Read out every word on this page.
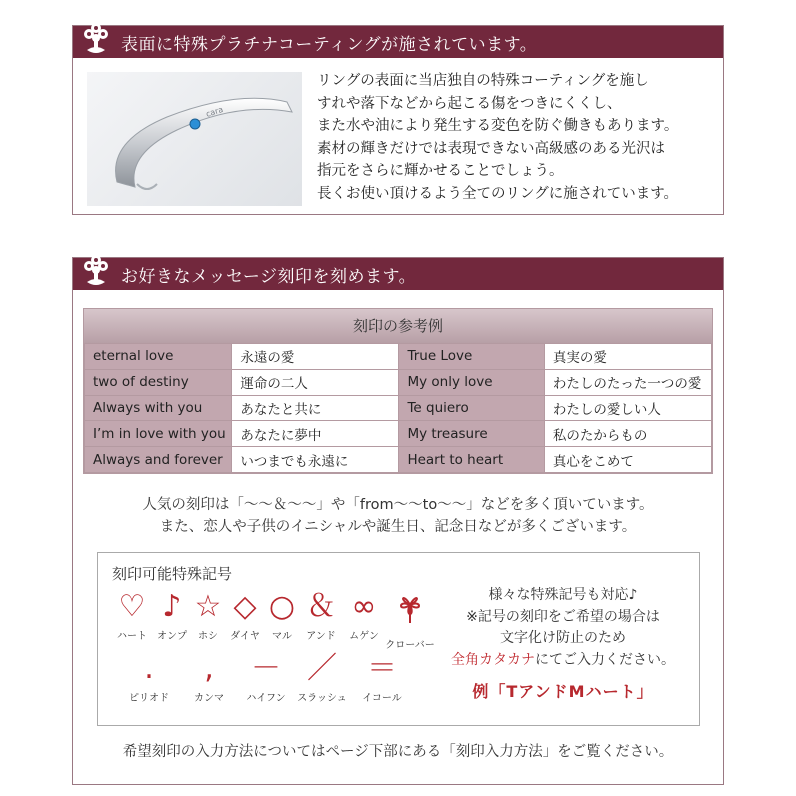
表面に特殊プラチナコーティングが施されています。
cara
リングの表面に当店独自の特殊コーティングを施し
すれや落下などから起こる傷をつきにくくし、
また水や油により発生する変色を防ぐ働きもあります。
素材の輝きだけでは表現できない高級感のある光沢は
指元をさらに輝かせることでしょう。
長くお使い頂けるよう全てのリングに施されています。
お好きなメッセージ刻印を刻めます。
刻印の参考例
eternal love	永遠の愛	True Love	真実の愛
two of destiny	運命の二人	My only love	わたしのたった一つの愛
Always with you	あなたと共に	Te quiero	わたしの愛しい人
I’m in love with you	あなたに夢中	My treasure	私のたからもの
Always and forever	いつまでも永遠に	Heart to heart	真心をこめて
人気の刻印は「〜〜＆〜〜」や「from〜〜to〜〜」などを多く頂いています。
また、恋人や子供のイニシャルや誕生日、記念日などが多くございます。
刻印可能特殊記号
♡
ハート
♪
オンプ
☆
ホシ
◇
ダイヤ
○
マル
＆
アンド
∞
ムゲン
クローバー
.
ピリオド
,
カンマ
－
ハイフン
／
スラッシュ
＝
イコール
様々な特殊記号も対応♪
※記号の刻印をご希望の場合は
文字化け防止のため
全角カタカナにてご入力ください。
例「TアンドMハート」
希望刻印の入力方法についてはページ下部にある「刻印入力方法」をご覧ください。
